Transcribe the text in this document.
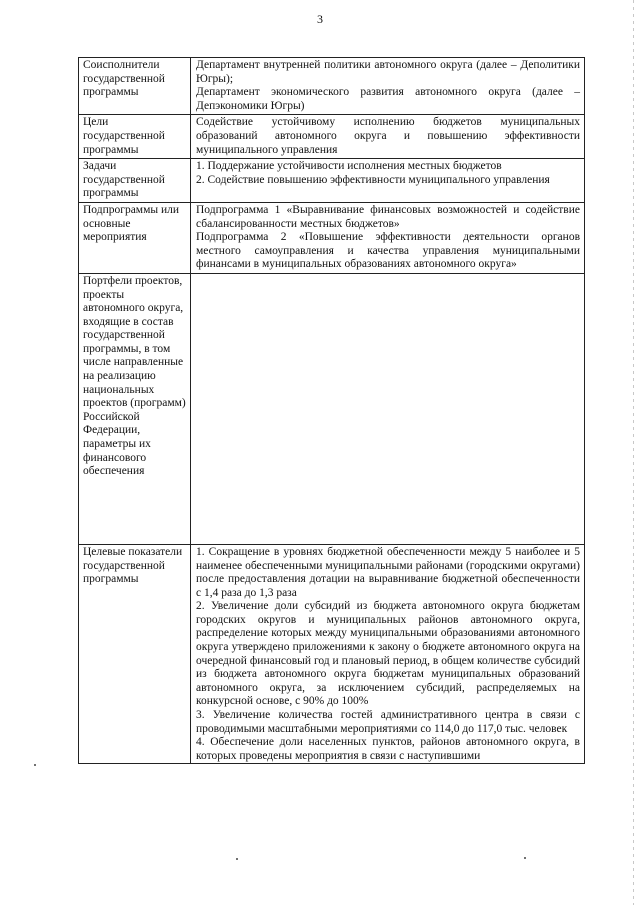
3
Соисполнители государственной программы	Департамент внутренней политики автономного округа (далее – Деполитики Югры);
Департамент экономического развития автономного округа (далее – Депэкономики Югры)

Цели государственной программы	Содействие устойчивому исполнению бюджетов муниципальных образований автономного округа и повышению эффективности муниципального управления

Задачи государственной программы	1. Поддержание устойчивости исполнения местных бюджетов
2. Содействие повышению эффективности муниципального управления

Подпрограммы или основные мероприятия	Подпрограмма 1 «Выравнивание финансовых возможностей и содействие сбалансированности местных бюджетов»
Подпрограмма 2 «Повышение эффективности деятельности органов местного самоуправления и качества управления муниципальными финансами в муниципальных образованиях автономного округа»

Портфели проектов, проекты автономного округа, входящие в состав государственной программы, в том числе направленные на реализацию национальных проектов (программ) Российской Федерации, параметры их финансового обеспечения	
Целевые показатели государственной программы	1. Сокращение в уровнях бюджетной обеспеченности между 5 наиболее и 5 наименее обеспеченными муниципальными районами (городскими округами) после предоставления дотации на выравнивание бюджетной обеспеченности с 1,4 раза до 1,3 раза
2. Увеличение доли субсидий из бюджета автономного округа бюджетам городских округов и муниципальных районов автономного округа, распределение которых между муниципальными образованиями автономного округа утверждено приложениями к закону о бюджете автономного округа на очередной финансовый год и плановый период, в общем количестве субсидий из бюджета автономного округа бюджетам муниципальных образований автономного округа, за исключением субсидий, распределяемых на конкурсной основе, с 90% до 100%
3. Увеличение количества гостей административного центра в связи с проводимыми масштабными мероприятиями со 114,0 до 117,0 тыс. человек
4. Обеспечение доли населенных пунктов, районов автономного округа, в которых проведены мероприятия в связи с наступившими
